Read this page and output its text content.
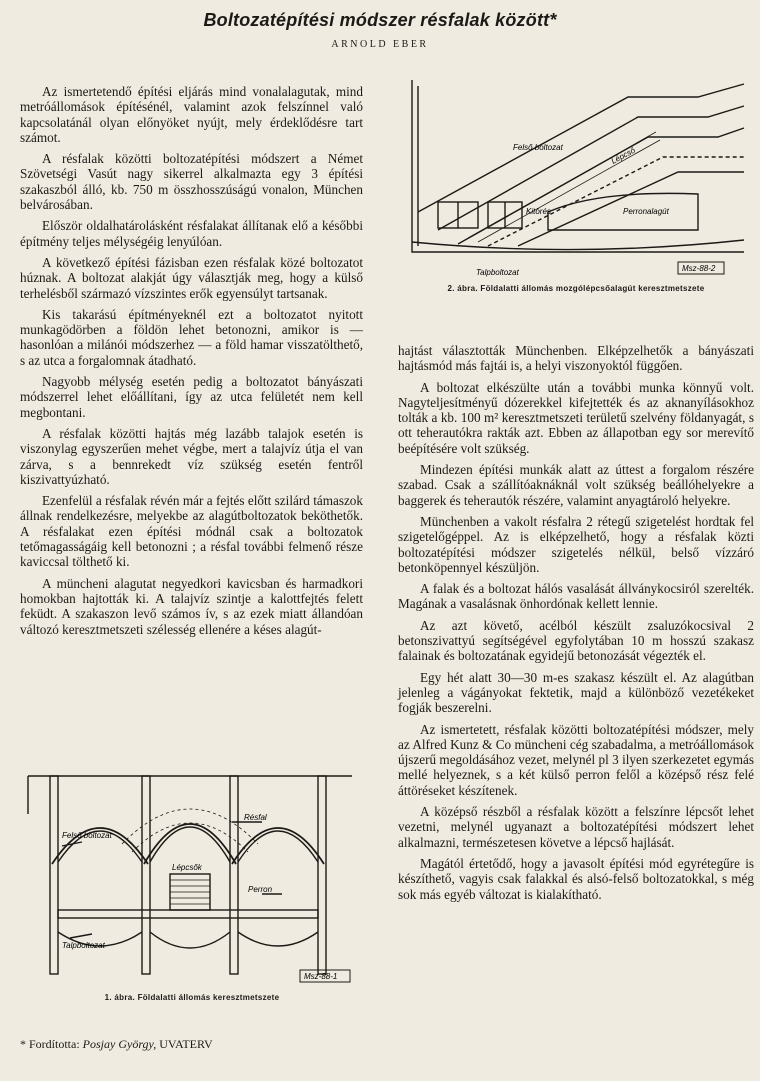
Boltozatépítési módszer résfalak között*
ARNOLD EBER

Az ismertetendő építési eljárás mind vonalalagutak, mind metróállomások építésénél, valamint azok felszínnel való kapcsolatánál olyan előnyöket nyújt, mely érdeklődésre tart számot.

A résfalak közötti boltozatépítési módszert a Német Szövetségi Vasút nagy sikerrel alkalmazta egy 3 építési szakaszból álló, kb. 750 m összhosszúságú vonalon, München belvárosában.

Először oldalhatárolásként résfalakat állítanak elő a későbbi építmény teljes mélységéig lenyúlóan.

A következő építési fázisban ezen résfalak közé boltozatot húznak. A boltozat alakját úgy választják meg, hogy a külső terhelésből származó vízszintes erők egyensúlyt tartsanak.

Kis takarású építményeknél ezt a boltozatot nyitott munkagödörben a földön lehet betonozni, amikor is — hasonlóan a milánói módszerhez — a föld hamar visszatölthető, s az utca a forgalomnak átadható.

Nagyobb mélység esetén pedig a boltozatot bányászati módszerrel lehet előállítani, így az utca felületét nem kell megbontani.

A résfalak közötti hajtás még lazább talajok esetén is viszonylag egyszerűen mehet végbe, mert a talajvíz útja el van zárva, s a bennrekedt víz szükség esetén fentről kiszivattyúzható.

Ezenfelül a résfalak révén már a fejtés előtt szilárd támaszok állnak rendelkezésre, melyekbe az alagútboltozatok beköthetők. A résfalakat ezen építési módnál csak a boltozatok tetőmagasságáig kell betonozni ; a résfal további felmenő része kaviccsal tölthető ki.

A müncheni alagutat negyedkori kavicsban és harmadkori homokban hajtották ki. A talajvíz szintje a kalottfejtés felett feküdt. A szakaszon levő számos ív, s az ezek miatt állandóan változó keresztmetszeti szélesség ellenére a késes alagút-

hajtást választották Münchenben. Elképzelhetők a bányászati hajtásmód más fajtái is, a helyi viszonyoktól függően.

A boltozat elkészülte után a további munka könnyű volt. Nagyteljesítményű dózerekkel kifejtették és az aknanyílásokhoz tolták a kb. 100 m² keresztmetszeti területű szelvény földanyagát, s ott teherautókra rakták azt. Ebben az állapotban egy sor merevítő beépítésére volt szükség.

Mindezen építési munkák alatt az úttest a forgalom részére szabad. Csak a szállítóaknáknál volt szükség beállóhelyekre a baggerek és teherautók részére, valamint anyagtároló helyekre.

Münchenben a vakolt résfalra 2 rétegű szigetelést hordtak fel szigetelőgéppel. Az is elképzelhető, hogy a résfalak közti boltozatépítési módszer szigetelés nélkül, belső vízzáró betonköpennyel készüljön.

A falak és a boltozat hálós vasalását állványkocsiról szerelték. Magának a vasalásnak önhordónak kellett lennie.

Az azt követő, acélból készült zsaluzókocsival 2 betonszivattyú segítségével egyfolytában 10 m hosszú szakasz falainak és boltozatának egyidejű betonozását végezték el.

Egy hét alatt 30—30 m-es szakasz készült el. Az alagútban jelenleg a vágányokat fektetik, majd a különböző vezetékeket fogják beszerelni.

Az ismertetett, résfalak közötti boltozatépítési módszer, mely az Alfred Kunz & Co müncheni cég szabadalma, a metróállomások újszerű megoldásához vezet, melynél pl 3 ilyen szerkezetet egymás mellé helyeznek, s a két külső perron felől a középső rész felé áttöréseket készítenek.

A középső részből a résfalak között a felszínre lépcsőt lehet vezetni, melynél ugyanazt a boltozatépítési módszert lehet alkalmazni, természetesen követve a lépcső hajlását.

Magától értetődő, hogy a javasolt építési mód egyrétegűre is készíthető, vagyis csak falakkal és alsó-felső boltozatokkal, s még sok más egyéb változat is kialakítható.

Felső boltozat	Lépcső
Kitörés	Perronalagút
Talpboltozat	Msz-88-2
2. ábra. Földalatti állomás mozgólépcsőalagút keresztmetszete
Résfal
Felső boltozat
Lépcsők
Perron
Talpboltozat
Msz-88-1
1. ábra. Földalatti állomás keresztmetszete
* Fordította: Posjay György, UVATERV
